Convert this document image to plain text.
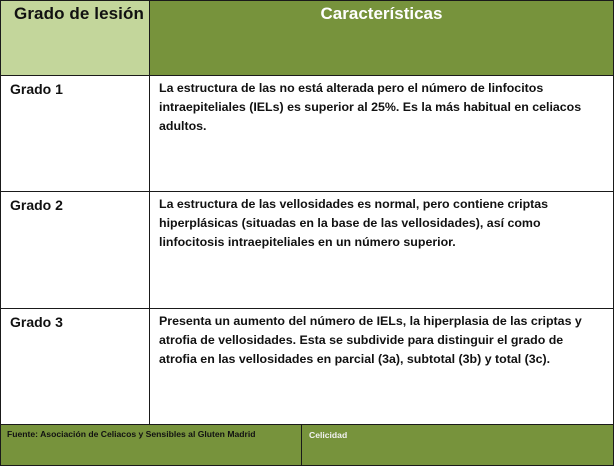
Grado de lesión	Características
Grado 1	La estructura de las no está alterada pero el número de linfocitos intraepiteliales (IELs) es superior al 25%. Es la más habitual en celiacos adultos.
Grado 2	La estructura de las vellosidades es normal, pero contiene criptas hiperplásicas (situadas en la base de las vellosidades), así como linfocitosis intraepiteliales en un número superior.
Grado 3	Presenta un aumento del número de IELs, la hiperplasia de las criptas y atrofia de vellosidades. Esta se subdivide para distinguir el grado de atrofia en las vellosidades en parcial (3a), subtotal (3b) y total (3c).
Fuente: Asociación de Celiacos y Sensibles al Gluten Madrid	Celicidad
